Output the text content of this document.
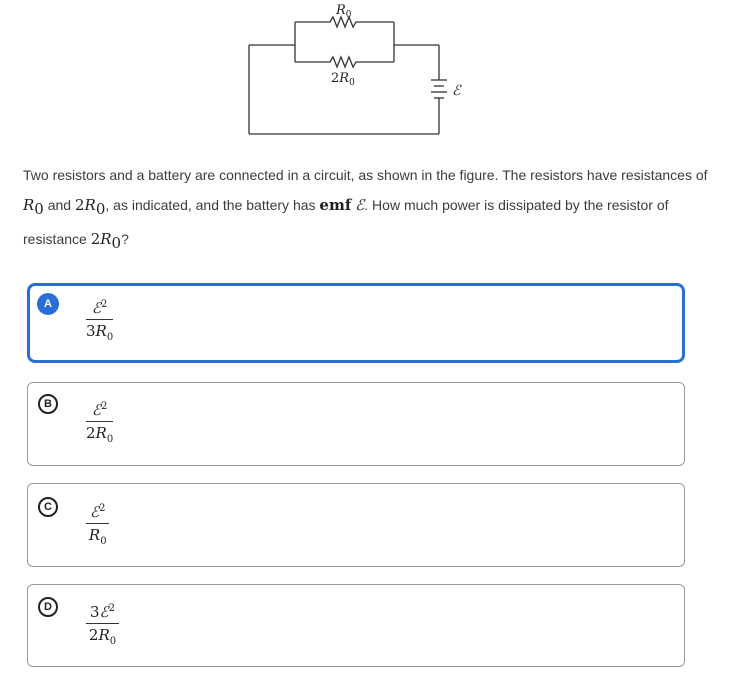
$R_0$
$2R_0$	ℰ
Two resistors and a battery are connected in a circuit, as shown in the figure. The resistors have resistances of $R_0$ and $2R_0$, as indicated, and the battery has emf ℰ. How much power is dissipated by the resistor of resistance $2R_0$?
A	ℰ$^2$
$3R_0$
B	ℰ$^2$
$2R_0$
C	ℰ$^2$
$R_0$
D	3ℰ$^2$
$2R_0$
